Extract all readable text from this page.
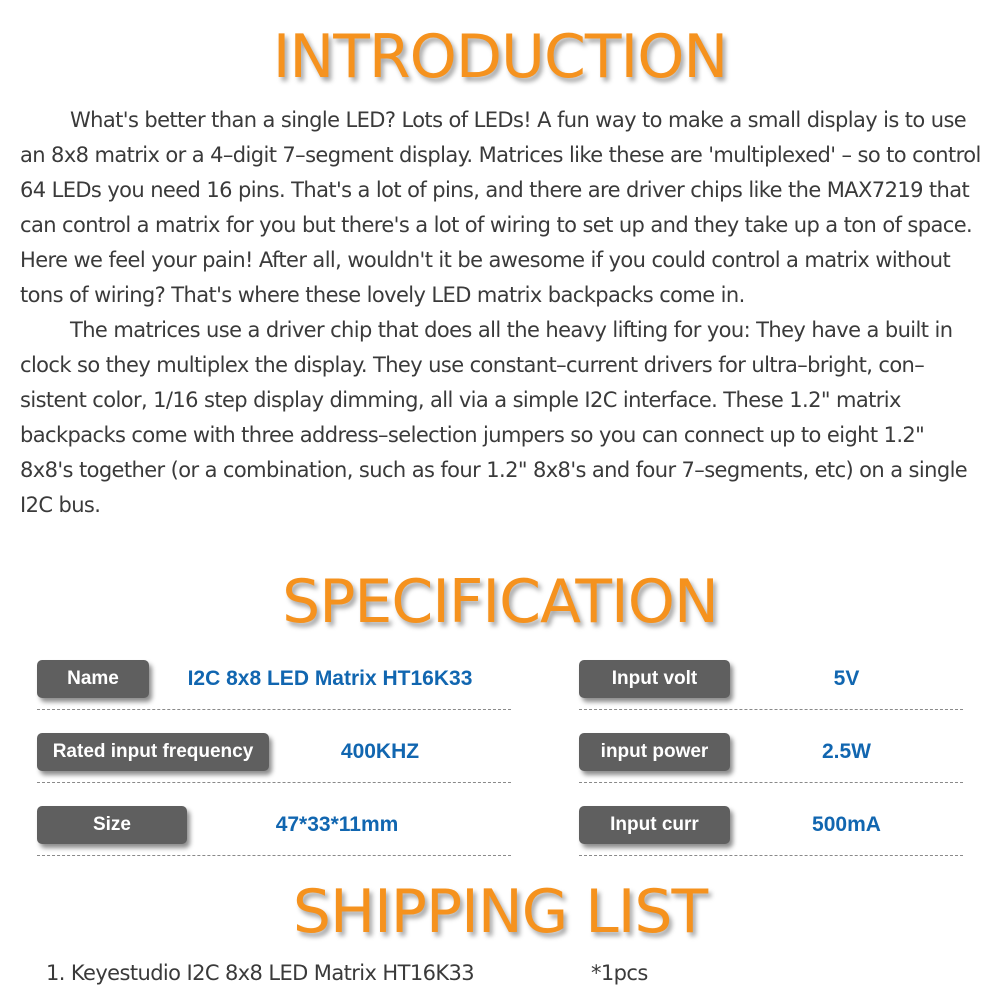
INTRODUCTION

What's better than a single LED? Lots of LEDs! A fun way to make a small display is to use an 8x8 matrix or a 4–digit 7–segment display. Matrices like these are 'multiplexed' – so to control 64 LEDs you need 16 pins. That's a lot of pins, and there are driver chips like the MAX7219 that can control a matrix for you but there's a lot of wiring to set up and they take up a ton of space. Here we feel your pain! After all, wouldn't it be awesome if you could control a matrix without tons of wiring? That's where these lovely LED matrix backpacks come in.

The matrices use a driver chip that does all the heavy lifting for you: They have a built in clock so they multiplex the display. They use constant–current drivers for ultra–bright, con–sistent color, 1/16 step display dimming, all via a simple I2C interface. These 1.2" matrix backpacks come with three address–selection jumpers so you can connect up to eight 1.2" 8x8's together (or a combination, such as four 1.2" 8x8's and four 7–segments, etc) on a single I2C bus.

SPECIFICATION
Name	I2C 8x8 LED Matrix HT16K33	Input volt	5V
Rated input frequency	400KHZ	input power	2.5W
Size	47*33*11mm	Input curr	500mA
SHIPPING LIST

1. Keyestudio I2C 8x8 LED Matrix HT16K33	*1pcs
